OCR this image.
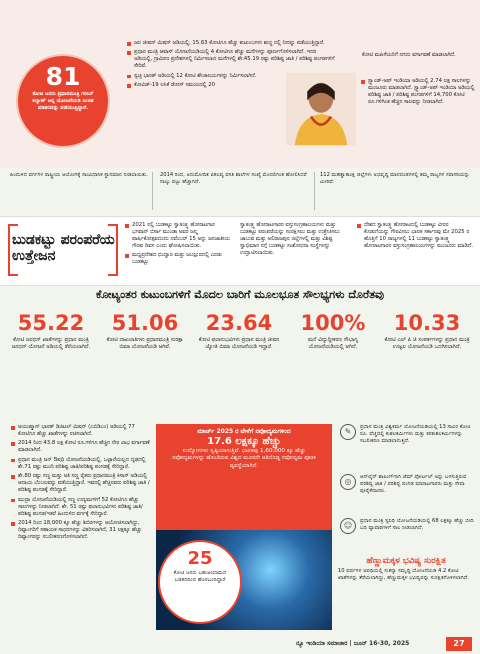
81
ಕೋಟಿ ಜನರು ಪ್ರಧಾನಮಂತ್ರಿ ಗರೀಬ್ ಕಲ್ಯಾಣ್ ಅನ್ನ ಯೋಜನೆಯಡಿ ಉಚಿತ ಪಡಿತರವನ್ನು ಪಡೆಯುತ್ತಿದ್ದಾರೆ.
ಜಲ ಜೀವನ್ ಮಿಷನ್ ಅಡಿಯಲ್ಲಿ, 15.63 ಕೋಟಿಗೂ ಹೆಚ್ಚು ಕುಟುಂಬಗಳು ಶುದ್ಧ ನಲ್ಲಿ ನೀರನ್ನು ಪಡೆಯುತ್ತಿದ್ದಾರೆ.
ಪ್ರಧಾನ ಮಂತ್ರಿ ಆವಾಸ್ ಯೋಜನೆಯಡಿಯಲ್ಲಿ 4 ಕೋಟಿಗೂ ಹೆಚ್ಚು ಮನೆಗಳನ್ನು ಪೂರ್ಣಗೊಳಿಸಲಾಗಿದೆ. ಇದರ ಅಡಿಯಲ್ಲಿ, ಗ್ರಾಮೀಣ ಪ್ರದೇಶಗಳಲ್ಲಿ ನಿರ್ಮಿಸಲಾದ ಮನೆಗಳಲ್ಲಿ ಶೇ.45.19 ರಷ್ಟು ಪರಿಶಿಷ್ಟ ಜಾತಿ / ಪರಿಶಿಷ್ಟ ಪಂಗಡಗಳಿಗೆ ಸೇರಿವೆ.
ಸ್ವಚ್ಛ ಭಾರತ್ ಅಡಿಯಲ್ಲಿ 12 ಕೋಟಿ ಶೌಚಾಲಯಗಳನ್ನು ನಿರ್ಮಿಸಲಾಗಿದೆ.
ಕೋವಿಡ್-19 ಲಸಿಕೆ ಡೋಸ್ ಸಮಯದಲ್ಲಿ 20
ಕೋಟಿ ಮಹಿಳೆಯರಿಗೆ ನಗದು ವರ್ಗಾವಣೆ ಮಾಡಲಾಗಿದೆ.
ಸ್ಟ್ಯಾಂಡ್-ಅಪ್ ಇಂಡಿಯಾ ಅಡಿಯಲ್ಲಿ 2.74 ಲಕ್ಷ ಸಾಲಗಳನ್ನು ಮಂಜೂರು ಮಾಡಲಾಗಿದೆ. ಸ್ಟ್ಯಾಂಡ್-ಅಪ್ ಇಂಡಿಯಾ ಅಡಿಯಲ್ಲಿ ಪರಿಶಿಷ್ಟ ಜಾತಿ / ಪರಿಶಿಷ್ಟ ಪಂಗಡಗಳಿಗೆ 14,700 ಕೋಟಿ ರೂ.ಗಳಿಗಿಂತ ಹೆಚ್ಚಿನ ಸಾಲವನ್ನು ನೀಡಲಾಗಿದೆ.
ಹಿಂದುಳಿದ ವರ್ಗಗಳ ರಾಷ್ಟ್ರೀಯ ಆಯೋಗಕ್ಕೆ ಸಾಂವಿಧಾನಿಕ ಸ್ಥಾನಮಾನ ನೀಡಲಾಯಿತು.	2014 ರಿಂದ, ಅನುಮೋದಿತ ಏಕಲವ್ಯ ವಸತಿ ಶಾಲೆಗಳ ಸಂಖ್ಯೆ ಮೊದಲಿಗಿಂತ ಹೋಲಿಸಿದರೆ ನಾಲ್ಕು ಪಟ್ಟು ಹೆಚ್ಚಾಗಿದೆ.
112 ಮಹತ್ವಾಕಾಂಕ್ಷಿ ಜಿಲ್ಲೆಗಳು ಅಭಿವೃದ್ಧಿ ಮಾನದಂಡಗಳಲ್ಲಿ ತಮ್ಮ ರಾಜ್ಯಗಳ ಸರಾಸರಿಯನ್ನು ಮೀರಿವೆ.
ಬುಡಕಟ್ಟು ಪರಂಪರೆಯ ಉತ್ತೇಜನ
2021 ರಲ್ಲಿ ಬುಡಕಟ್ಟು ಸ್ವಾತಂತ್ರ್ಯ ಹೋರಾಟಗಾರ ಭಗವಾನ್ ಬಿರ್ಸಾ ಮುಂಡಾ ಅವರ ಜನ್ಮ ವಾರ್ಷಿಕೋತ್ಸವದಂದು ನವೆಂಬರ್ 15 ಅನ್ನು ಜನಜಾತೀಯ ಗೌರವ ದಿವಸ ಎಂದು ಘೋಷಿಸಲಾಯಿತು.
ಮಧ್ಯಪ್ರದೇಶದ ಛಿಂದ್ವಾರ ಮತ್ತು ಜಬಲ್ಪುರದಲ್ಲಿ ಎರಡು ಬುಡಕಟ್ಟು
ಸ್ವಾತಂತ್ರ್ಯ ಹೋರಾಟಗಾರರ ವಸ್ತುಸಂಗ್ರಹಾಲಯಗಳು ಮತ್ತು ಬುಡಕಟ್ಟು ಪರಂಪರೆಯನ್ನು ಸಂರಕ್ಷಿಸಲು ಮತ್ತು ಉತ್ತೇಜಿಸಲು ಜಾಬುವ ಮತ್ತು ಅಲಿರಾಜಪುರ ಜಿಲ್ಲೆಗಳಲ್ಲಿ ಮತ್ತು ವಿಶಿಷ್ಟ ಸ್ವಾಭಿಮಾನ ನಗ್ಗೆ ಬುಡಕಟ್ಟು ಸಂಶೋಧನಾ ಸಂಸ್ಥೆಗಳನ್ನು ಉದ್ಘಾಟಿಸಲಾಯಿತು.
ದೇಶದ ಸ್ವಾತಂತ್ರ್ಯ ಹೋರಾಟದಲ್ಲಿ ಬುಡಕಟ್ಟು ವೀರರ ಕೊಡುಗೆಯನ್ನು ಗೌರವಿಸಲು ಭಾರತ ಸರ್ಕಾರವು ಮೇ 2025 ರ ಹೊತ್ತಿಗೆ 10 ರಾಜ್ಯಗಳಲ್ಲಿ 11 ಬುಡಕಟ್ಟು ಸ್ವಾತಂತ್ರ್ಯ ಹೋರಾಟಗಾರರ ವಸ್ತುಸಂಗ್ರಹಾಲಯಗಳನ್ನು ಮಂಜೂರು ಮಾಡಿದೆ.
ಕೋಟ್ಯಂತರ ಕುಟುಂಬಗಳಿಗೆ ಮೊದಲ ಬಾರಿಗೆ ಮೂಲಭೂತ ಸೌಲಭ್ಯಗಳು ದೊರೆತವು
55.22
ಕೋಟಿ ಜನಧನ್ ಖಾತೆಗಳನ್ನು ಪ್ರಧಾನ ಮಂತ್ರಿ ಜನಧನ್ ಯೋಜನೆ ಅಡಿಯಲ್ಲಿ ತೆರೆಯಲಾಗಿದೆ.
51.06
ಕೋಟಿ ದಾಖಲಾತಿಗಳು ಪ್ರಧಾನಮಂತ್ರಿ ಸುರಕ್ಷಾ ಬಿಮಾ ಯೋಜನೆಯಡಿ ಆಗಿವೆ.
23.64
ಕೋಟಿ ಫಲಾನುಭವಿಗಳು ಪ್ರಧಾನ ಮಂತ್ರಿ ಜೀವನ ಜ್ಯೋತಿ ಬಿಮಾ ಯೋಜನೆಯಡಿ ಇದ್ದಾರೆ.
100%
ಮನೆ ವಿದ್ಯುದ್ದೀಕರಣ ಸೌಭಾಗ್ಯ ಯೋಜನೆಯಡಿಯಲ್ಲಿ ಆಗಿದೆ.
10.33
ಕೋಟಿ ಎಲ್ ಪಿ ಜಿ ಸಂಪರ್ಕಗಳನ್ನು ಪ್ರಧಾನ ಮಂತ್ರಿ ಉಜ್ವಲ ಯೋಜನೆಯಡಿ ಒದಗಿಸಲಾಗಿದೆ.
ಆಯುಷ್ಮಾನ್ ಭಾರತ್ ಡಿಜಿಟಲ್ ಮಿಷನ್ (ಎಬಿಡಿಎಂ) ಅಡಿಯಲ್ಲಿ 77 ಕೋಟಿಗೂ ಹೆಚ್ಚು ಖಾತೆಗಳನ್ನು ರಚಿಸಲಾಗಿದೆ.
2014 ರಿಂದ 43.8 ಲಕ್ಷ ಕೋಟಿ ರೂ.ಗಳಿಗೂ ಹೆಚ್ಚಿನ ನೇರ ಲಾಭ ವರ್ಗಾವಣೆ ಮಾಡಲಾಗಿದೆ.
ಪ್ರಧಾನ ಮಂತ್ರಿ ಜನ್ ಔಷಧಿ ಯೋಜನೆಯಡಿಯಲ್ಲಿ, ಒಟ್ಟಾರೆಯಲ್ಲದ ದೃಢದಲ್ಲಿ ಶೇ.71 ರಷ್ಟು ಮಂದಿ ಪರಿಶಿಷ್ಟ ಜಾತಿ/ಪರಿಶಿಷ್ಟ ಪಂಗಡಕ್ಕೆ ಸೇರಿದ್ದಾರೆ.
ಶೇ.80 ರಷ್ಟು ಸಣ್ಣ ಮತ್ತು ಅತಿ ಸಣ್ಣ ರೈತರು ಪ್ರಧಾನಮಂತ್ರಿ ಕಿಸಾನ್ ಅಡಿಯಲ್ಲಿ ಆದಾಯ ಬೆಂಬಲವನ್ನು ಪಡೆಯುತ್ತಿದ್ದಾರೆ. ಇವರಲ್ಲಿ ಹೆಚ್ಚಿನವರು ಪರಿಶಿಷ್ಟ ಜಾತಿ / ಪರಿಶಿಷ್ಟ ಪಂಗಡಕ್ಕೆ ಸೇರಿದ್ದಾರೆ.
ಮುದ್ರಾ ಯೋಜನೆಯಡಿಯಲ್ಲಿ ಸಣ್ಣ ಉದ್ಯಮಗಳಿಗೆ 52 ಕೋಟಿಗೂ ಹೆಚ್ಚು ಸಾಲಗಳನ್ನು ನೀಡಲಾಗಿದೆ. ಶೇ. 51 ರಷ್ಟು ಫಲಾನುಭವಿಗಳು ಪರಿಶಿಷ್ಟ ಜಾತಿ/ಪರಿಶಿಷ್ಟ ಪಂಗಡ/ಇತರೆ ಹಿಂದುಳಿದ ವರ್ಗಕ್ಕೆ ಸೇರಿದ್ದಾರೆ.
2014 ರಿಂದ 18,000 ಕ್ಕೂ ಹೆಚ್ಚು ಶಿಬಿರಗಳನ್ನು ಆಯೋಜಿಸಲಾಗಿದ್ದು, ದಿವ್ಯಾಂಗರಿಗೆ ಸಹಾಯಕ ಸಾಧನಗಳನ್ನು ವಿತರಿಸಲಾಗಿದೆ, 31 ಲಕ್ಷಕ್ಕೂ ಹೆಚ್ಚು ದಿವ್ಯಾಂಗರನ್ನು ಸಬಲೀಕರಣಗೊಳಿಸಲಾಗಿದೆ.
ಮಾರ್ಚ್ 2025 ರ ವೇಳೆಗೆ ನವೋದ್ಯಮಗಳಿಂದ
17.6 ಲಕ್ಷಕ್ಕೂ ಹೆಚ್ಚು
ಉದ್ಯೋಗಗಳು ಸೃಷ್ಟಿಯಾಗುತ್ತಿವೆ. ಭಾರತವು 1,60,000 ಕ್ಕೂ ಹೆಚ್ಚು ನವೋದ್ಯಮಗಳನ್ನು ಹೊಂದಿರುವ ವಿಶ್ವದ ಮೂರನೇ ಅತಿದೊಡ್ಡ ನವೋದ್ಯಮ ಪೂರಕ ವ್ಯವಸ್ಥೆಯಾಗಿದೆ.
25
ಕೋಟಿ ಜನರು ಬಹುಆಯಾಮದ ಬಡತನದಿಂದ ಹೊರಬಂದಿದ್ದಾರೆ
✎	ಪ್ರಧಾನ ಮಂತ್ರಿ ವಿಶ್ವಕರ್ಮ ಯೋಜನೆಯಡಿಯಲ್ಲಿ 13 ಸಾವಿರ ಕೋಟಿ ರೂ. ವೆಚ್ಚದಲ್ಲಿ ಕುಶಲಕರ್ಮಿಗಳು ಮತ್ತು ಕರಕುಶಲಕರ್ಮಿಗಳನ್ನು ಸಬಲೀಕರಣ ಮಾಡಲಾಗುತ್ತಿದೆ.
◎	ಆನ್‌ಲೈನ್ ಶಾಪಿಂಗ್‌ಗಾಗಿ ಜೆಮ್ ಪೋರ್ಟಲ್ ಅನ್ನು ಬಳಸುತ್ತಿರುವ ಪರಿಶಿಷ್ಟ ಜಾತಿ / ಪರಿಶಿಷ್ಟ ಪಂಗಡ ಮಾರಾಟಗಾರರು ಮತ್ತು ಸೇವಾ ಪೂರೈಕೆದಾರರು.
☺	ಪ್ರಧಾನ ಮಂತ್ರಿ ಸ್ವನಿಧಿ ಯೋಜನೆಯಡಿಯಲ್ಲಿ 68 ಲಕ್ಷಕ್ಕೂ ಹೆಚ್ಚು ಬೀದಿ ಬದಿ ವ್ಯಾಪಾರಿಗಳಿಗೆ ಸಾಲ ನೀಡಲಾಗಿದೆ.
ಹೆಣ್ಣುಮಕ್ಕಳ ಭವಿಷ್ಯ ಸುರಕ್ಷಿತ
10 ವರ್ಷಗಳ ಅವಧಿಯಲ್ಲಿ ಸುಕನ್ಯಾ ಸಮೃದ್ಧಿ ಯೋಜನೆಯಡಿ 4.2 ಕೋಟಿ ಖಾತೆಗಳನ್ನು ತೆರೆಯಲಾಗಿದ್ದು, ಹೆಣ್ಣುಮಕ್ಕಳ ಭವಿಷ್ಯವನ್ನು ಸುರಕ್ಷಿತಗೊಳಿಸಲಾಗಿದೆ.
ನ್ಯೂ ಇಂಡಿಯಾ ಸಮಾಚಾರ | ಜೂನ್ 16-30, 2025	27
